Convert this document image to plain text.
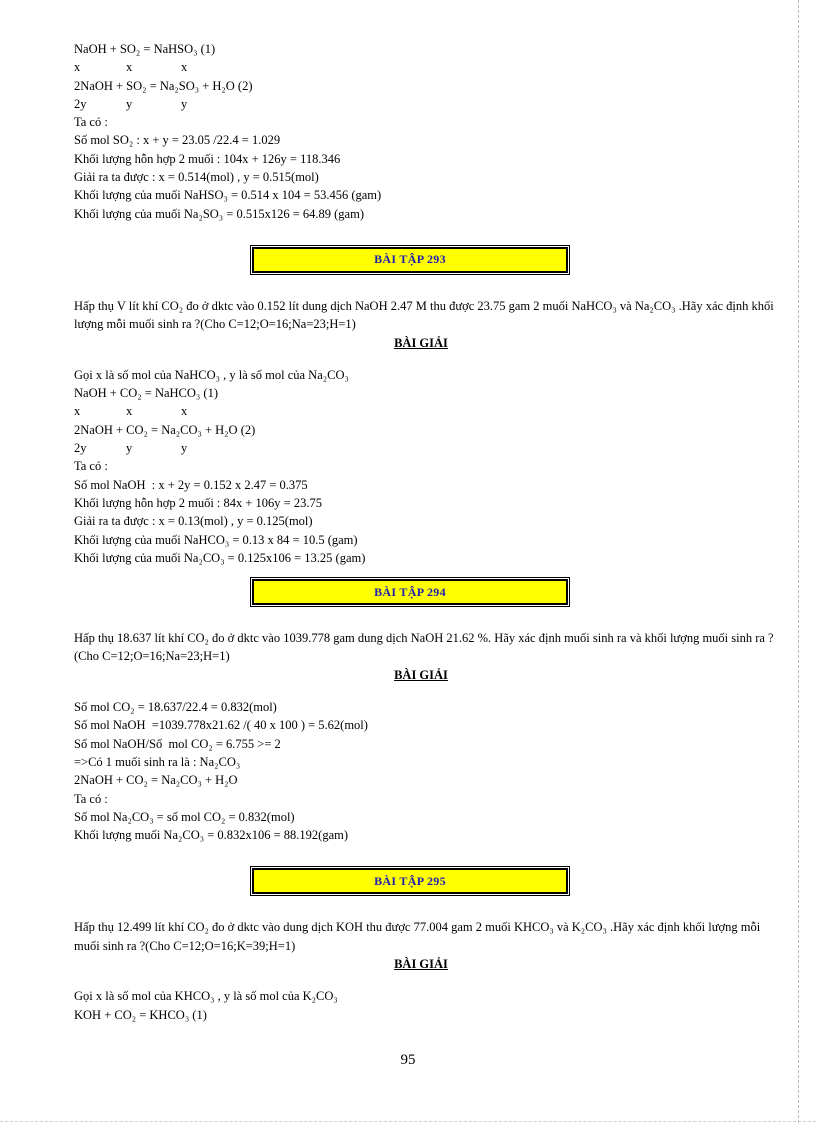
NaOH + SO₂ = NaHSO₃ (1)
x	x	x
2NaOH + SO₂ = Na₂SO₃ + H₂O (2)
2y	y	y
Ta có :
Số mol SO₂ : x + y = 23.05 /22.4 = 1.029
Khối lượng hỗn hợp 2 muối : 104x + 126y = 118.346
Giải ra ta được : x = 0.514(mol) , y = 0.515(mol)
Khối lượng của muối NaHSO₃ = 0.514 x 104 = 53.456 (gam)
Khối lượng của muối Na₂SO₃ = 0.515x126 = 64.89 (gam)
BÀI TẬP 293
Hấp thụ V lít khí CO₂ đo ở dktc vào 0.152 lít dung dịch NaOH 2.47 M thu được 23.75 gam 2 muối NaHCO₃ và Na₂CO₃ .Hãy xác định khối lượng mỗi muối sinh ra ?(Cho C=12;O=16;Na=23;H=1)
BÀI GIẢI
Gọi x là số mol của NaHCO₃ , y là số mol của Na₂CO₃
NaOH + CO₂ = NaHCO₃ (1)
x	x	x
2NaOH + CO₂ = Na₂CO₃ + H₂O (2)
2y	y	y
Ta có :
Số mol NaOH  : x + 2y = 0.152 x 2.47 = 0.375
Khối lượng hỗn hợp 2 muối : 84x + 106y = 23.75
Giải ra ta được : x = 0.13(mol) , y = 0.125(mol)
Khối lượng của muối NaHCO₃ = 0.13 x 84 = 10.5 (gam)
Khối lượng của muối Na₂CO₃ = 0.125x106 = 13.25 (gam)
BÀI TẬP 294
Hấp thụ 18.637 lít khí CO₂ đo ở dktc vào 1039.778 gam dung dịch NaOH 21.62 %. Hãy xác định muối sinh ra và khối lượng muối sinh ra ?(Cho C=12;O=16;Na=23;H=1)
BÀI GIẢI
Số mol CO₂ = 18.637/22.4 = 0.832(mol)
Số mol NaOH  =1039.778x21.62 /( 40 x 100 ) = 5.62(mol)
Số mol NaOH/Số  mol CO₂ = 6.755 >= 2
=>Có 1 muối sinh ra là : Na₂CO₃
2NaOH + CO₂ = Na₂CO₃ + H₂O
Ta có :
Số mol Na₂CO₃ = số mol CO₂ = 0.832(mol)
Khối lượng muối Na₂CO₃ = 0.832x106 = 88.192(gam)
BÀI TẬP 295
Hấp thụ 12.499 lít khí CO₂ đo ở dktc vào dung dịch KOH thu được 77.004 gam 2 muối KHCO₃ và K₂CO₃ .Hãy xác định khối lượng mỗi muối sinh ra ?(Cho C=12;O=16;K=39;H=1)
BÀI GIẢI
Gọi x là số mol của KHCO₃ , y là số mol của K₂CO₃
KOH + CO₂ = KHCO₃ (1)
95
